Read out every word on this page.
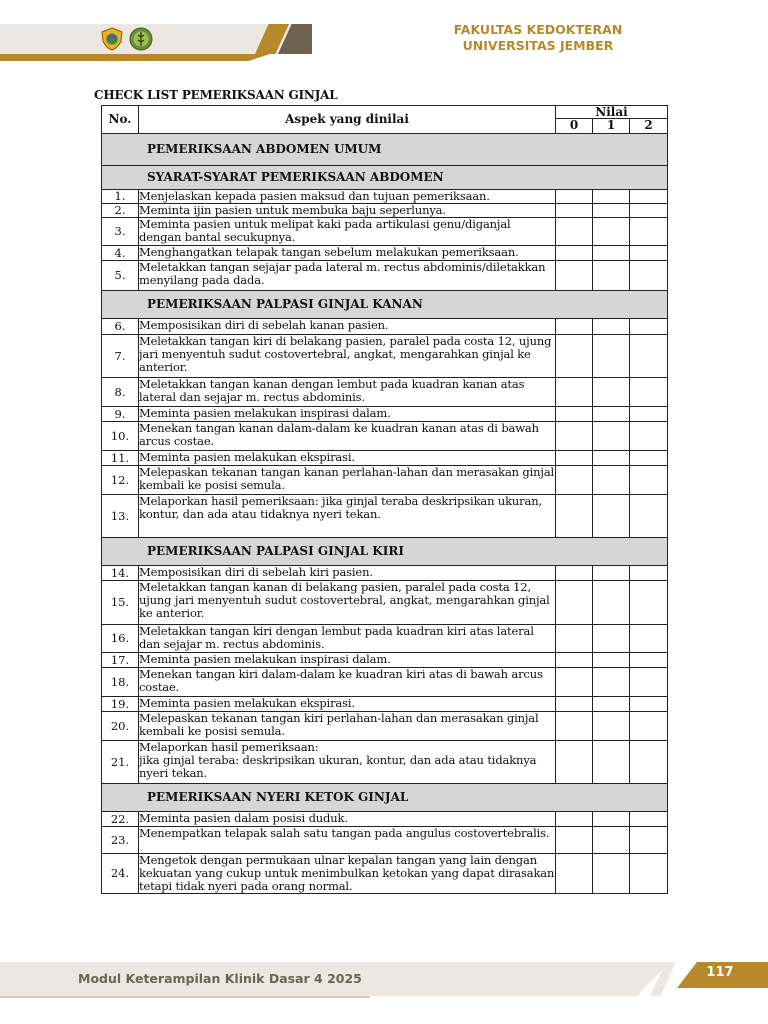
FAKULTAS KEDOKTERAN
UNIVERSITAS JEMBER
CHECK LIST PEMERIKSAAN GINJAL
No.	Aspek yang dinilai	Nilai		
		0	1	2
PEMERIKSAAN ABDOMEN UMUM				
SYARAT-SYARAT PEMERIKSAAN ABDOMEN				
1.	Menjelaskan kepada pasien maksud dan tujuan pemeriksaan.			
2.	Meminta ijin pasien untuk membuka baju seperlunya.			
3.	Meminta pasien untuk melipat kaki pada artikulasi genu/diganjal dengan bantal secukupnya.			
4.	Menghangatkan telapak tangan sebelum melakukan pemeriksaan.			
5.	Meletakkan tangan sejajar pada lateral m. rectus abdominis/diletakkan menyilang pada dada.			
PEMERIKSAAN PALPASI GINJAL KANAN				
6.	Memposisikan diri di sebelah kanan pasien.			
7.	Meletakkan tangan kiri di belakang pasien, paralel pada costa 12, ujung jari menyentuh sudut costovertebral, angkat, mengarahkan ginjal ke anterior.			
8.	Meletakkan tangan kanan dengan lembut pada kuadran kanan atas lateral dan sejajar m. rectus abdominis.			
9.	Meminta pasien melakukan inspirasi dalam.			
10.	Menekan tangan kanan dalam-dalam ke kuadran kanan atas di bawah arcus costae.			
11.	Meminta pasien melakukan ekspirasi.			
12.	Melepaskan tekanan tangan kanan perlahan-lahan dan merasakan ginjal kembali ke posisi semula.			
13.	Melaporkan hasil pemeriksaan: jika ginjal teraba deskripsikan ukuran, kontur, dan ada atau tidaknya nyeri tekan.			
PEMERIKSAAN PALPASI GINJAL KIRI				
14.	Memposisikan diri di sebelah kiri pasien.			
15.	Meletakkan tangan kanan di belakang pasien, paralel pada costa 12, ujung jari menyentuh sudut costovertebral, angkat, mengarahkan ginjal ke anterior.			
16.	Meletakkan tangan kiri dengan lembut pada kuadran kiri atas lateral dan sejajar m. rectus abdominis.			
17.	Meminta pasien melakukan inspirasi dalam.			
18.	Menekan tangan kiri dalam-dalam ke kuadran kiri atas di bawah arcus costae.			
19.	Meminta pasien melakukan ekspirasi.			
20.	Melepaskan tekanan tangan kiri perlahan-lahan dan merasakan ginjal kembali ke posisi semula.			
21.	Melaporkan hasil pemeriksaan:
jika ginjal teraba: deskripsikan ukuran, kontur, dan ada atau tidaknya nyeri tekan.			
PEMERIKSAAN NYERI KETOK GINJAL				
22.	Meminta pasien dalam posisi duduk.			
23.	Menempatkan telapak salah satu tangan pada angulus costovertebralis.			
24.	Mengetok dengan permukaan ulnar kepalan tangan yang lain dengan kekuatan yang cukup untuk menimbulkan ketokan yang dapat dirasakan tetapi tidak nyeri pada orang normal.			
117
Modul Keterampilan Klinik Dasar 4 2025
